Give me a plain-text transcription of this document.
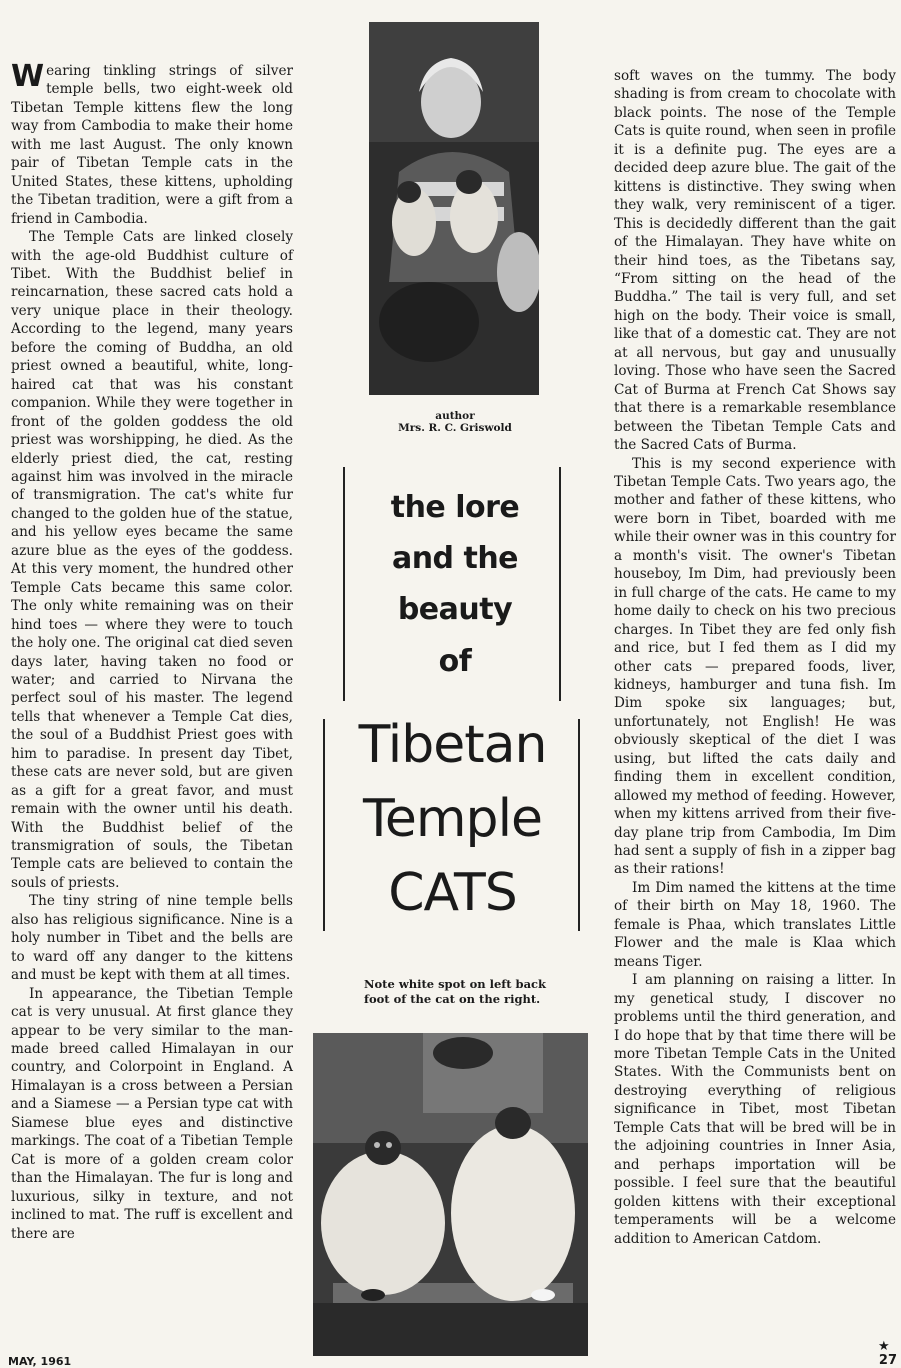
Wearing tinkling strings of silver temple bells, two eight-week old Tibetan Temple kittens flew the long way from Cambodia to make their home with me last August. The only known pair of Tibetan Temple cats in the United States, these kittens, upholding the Tibetan tradition, were a gift from a friend in Cambodia.

The Temple Cats are linked closely with the age-old Buddhist culture of Tibet. With the Buddhist belief in reincarnation, these sacred cats hold a very unique place in their theology. According to the legend, many years before the coming of Buddha, an old priest owned a beautiful, white, long-haired cat that was his constant companion. While they were together in front of the golden goddess the old priest was worshipping, he died. As the elderly priest died, the cat, resting against him was involved in the miracle of transmigration. The cat's white fur changed to the golden hue of the statue, and his yellow eyes became the same azure blue as the eyes of the goddess. At this very moment, the hundred other Temple Cats became this same color. The only white remaining was on their hind toes — where they were to touch the holy one. The original cat died seven days later, having taken no food or water; and carried to Nirvana the perfect soul of his master. The legend tells that whenever a Temple Cat dies, the soul of a Buddhist Priest goes with him to paradise. In present day Tibet, these cats are never sold, but are given as a gift for a great favor, and must remain with the owner until his death. With the Buddhist belief of the transmigration of souls, the Tibetan Temple cats are believed to contain the souls of priests.

The tiny string of nine temple bells also has religious significance. Nine is a holy number in Tibet and the bells are to ward off any danger to the kittens and must be kept with them at all times.

In appearance, the Tibetian Temple cat is very unusual. At first glance they appear to be very similar to the man-made breed called Himalayan in our country, and Colorpoint in England. A Himalayan is a cross between a Persian and a Siamese — a Persian type cat with Siamese blue eyes and distinctive markings. The coat of a Tibetian Temple Cat is more of a golden cream color than the Himalayan. The fur is long and luxurious, silky in texture, and not inclined to mat. The ruff is excellent and there are

author
Mrs. R. C. Griswold
the lore
and the
beauty
of
Tibetan
Temple
CATS
Note white spot on left back foot of the cat on the right.

soft waves on the tummy. The body shading is from cream to chocolate with black points. The nose of the Temple Cats is quite round, when seen in profile it is a definite pug. The eyes are a decided deep azure blue. The gait of the kittens is distinctive. They swing when they walk, very reminiscent of a tiger. This is decidedly different than the gait of the Himalayan. They have white on their hind toes, as the Tibetans say, “From sitting on the head of the Buddha.” The tail is very full, and set high on the body. Their voice is small, like that of a domestic cat. They are not at all nervous, but gay and unusually loving. Those who have seen the Sacred Cat of Burma at French Cat Shows say that there is a remarkable resemblance between the Tibetan Temple Cats and the Sacred Cats of Burma.

This is my second experience with Tibetan Temple Cats. Two years ago, the mother and father of these kittens, who were born in Tibet, boarded with me while their owner was in this country for a month's visit. The owner's Tibetan houseboy, Im Dim, had previously been in full charge of the cats. He came to my home daily to check on his two precious charges. In Tibet they are fed only fish and rice, but I fed them as I did my other cats — prepared foods, liver, kidneys, hamburger and tuna fish. Im Dim spoke six languages; but, unfortunately, not English! He was obviously skeptical of the diet I was using, but lifted the cats daily and finding them in excellent condition, allowed my method of feeding. However, when my kittens arrived from their five-day plane trip from Cambodia, Im Dim had sent a supply of fish in a zipper bag as their rations!

Im Dim named the kittens at the time of their birth on May 18, 1960. The female is Phaa, which translates Little Flower and the male is Klaa which means Tiger.

I am planning on raising a litter. In my genetical study, I discover no problems until the third generation, and I do hope that by that time there will be more Tibetan Temple Cats in the United States. With the Communists bent on destroying everything of religious significance in Tibet, most Tibetan Temple Cats that will be bred will be in the adjoining countries in Inner Asia, and perhaps importation will be possible. I feel sure that the beautiful golden kittens with their exceptional temperaments will be a welcome addition to American Catdom.

★
MAY, 1961	27
